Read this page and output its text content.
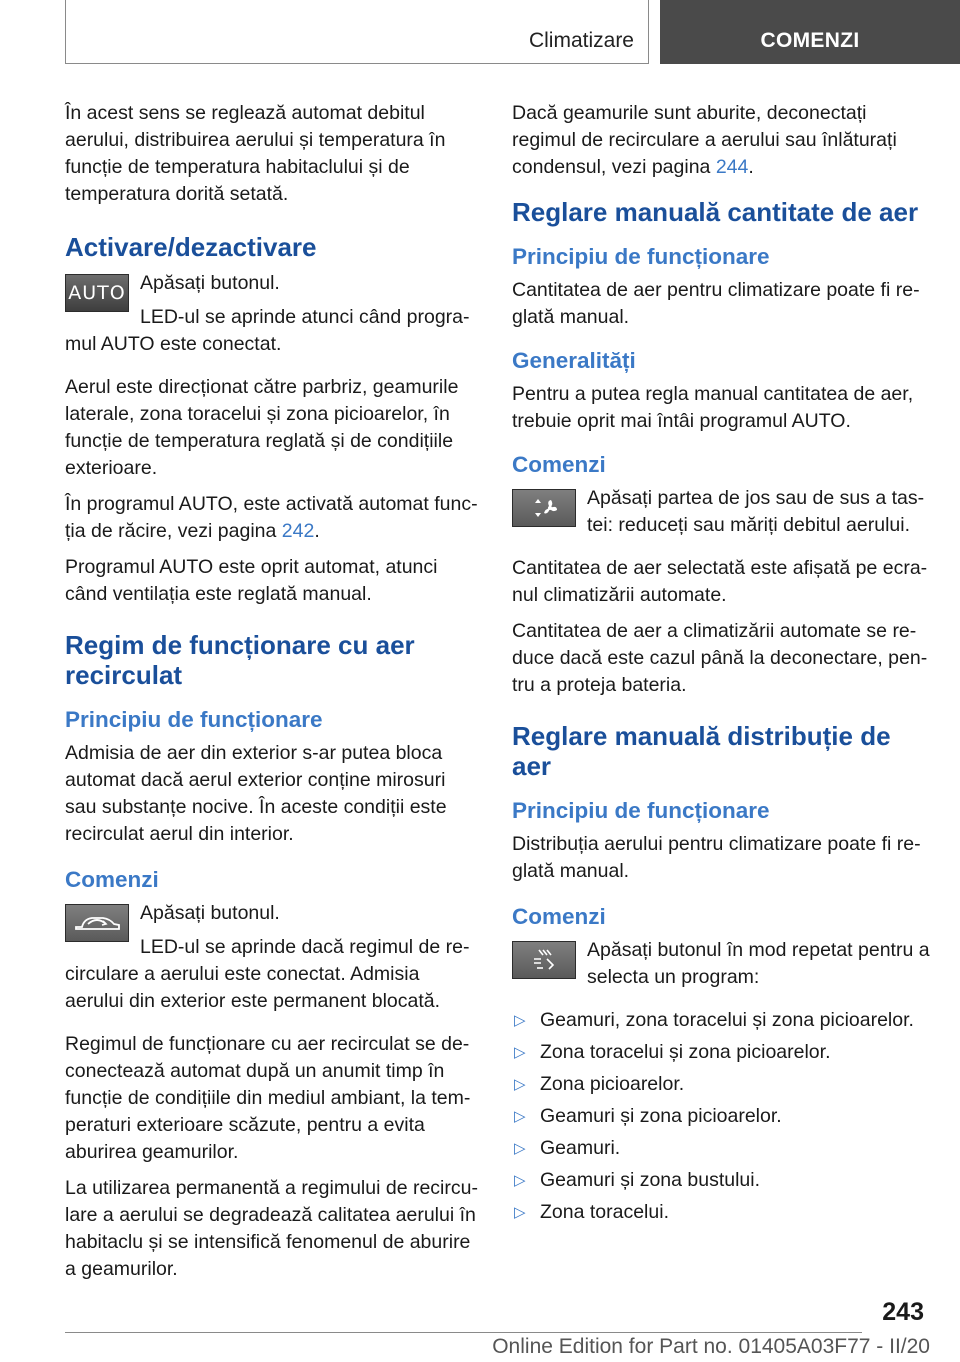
Climatizare	COMENZI

În acest sens se reglează automat debitul aerului, distribuirea aerului și temperatura în funcție de temperatura habitaclului și de temperatura dorită setată.

Activare/dezactivare
AUTO Apăsați butonul.

LED-ul se aprinde atunci când programul AUTO este conectat.

Aerul este direcționat către parbriz, geamurile laterale, zona toracelui și zona picioarelor, în funcție de temperatura reglată și de condițiile exterioare.

În programul AUTO, este activată automat funcția de răcire, vezi pagina 242.

Programul AUTO este oprit automat, atunci când ventilația este reglată manual.

Regim de funcționare cu aer recirculat
Principiu de funcționare

Admisia de aer din exterior s-ar putea bloca automat dacă aerul exterior conține mirosuri sau substanțe nocive. În aceste condiții este recirculat aerul din interior.

Comenzi

Apăsați butonul.

LED-ul se aprinde dacă regimul de recirculare a aerului este conectat. Admisia aerului din exterior este permanent blocată.

Regimul de funcționare cu aer recirculat se deconectează automat după un anumit timp în funcție de condițiile din mediul ambiant, la temperaturi exterioare scăzute, pentru a evita aburirea geamurilor.

La utilizarea permanentă a regimului de recirculare a aerului se degradează calitatea aerului în habitaclu și se intensifică fenomenul de aburire a geamurilor.

Dacă geamurile sunt aburite, deconectați regimul de recirculare a aerului sau înlăturați condensul, vezi pagina 244.

Reglare manuală cantitate de aer
Principiu de funcționare

Cantitatea de aer pentru climatizare poate fi reglată manual.

Generalități

Pentru a putea regla manual cantitatea de aer, trebuie oprit mai întâi programul AUTO.

Comenzi

Apăsați partea de jos sau de sus a tastei: reduceți sau măriți debitul aerului.

Cantitatea de aer selectată este afișată pe ecranul climatizării automate.

Cantitatea de aer a climatizării automate se reduce dacă este cazul până la deconectare, pentru a proteja bateria.

Reglare manuală distribuție de aer
Principiu de funcționare

Distribuția aerului pentru climatizare poate fi reglată manual.

Comenzi

Apăsați butonul în mod repetat pentru a selecta un program:

▷ Geamuri, zona toracelui și zona picioarelor.
▷ Zona toracelui și zona picioarelor.
▷ Zona picioarelor.
▷ Geamuri și zona picioarelor.
▷ Geamuri.
▷ Geamuri și zona bustului.
▷ Zona toracelui.
243
Online Edition for Part no. 01405A03F77 - II/20
